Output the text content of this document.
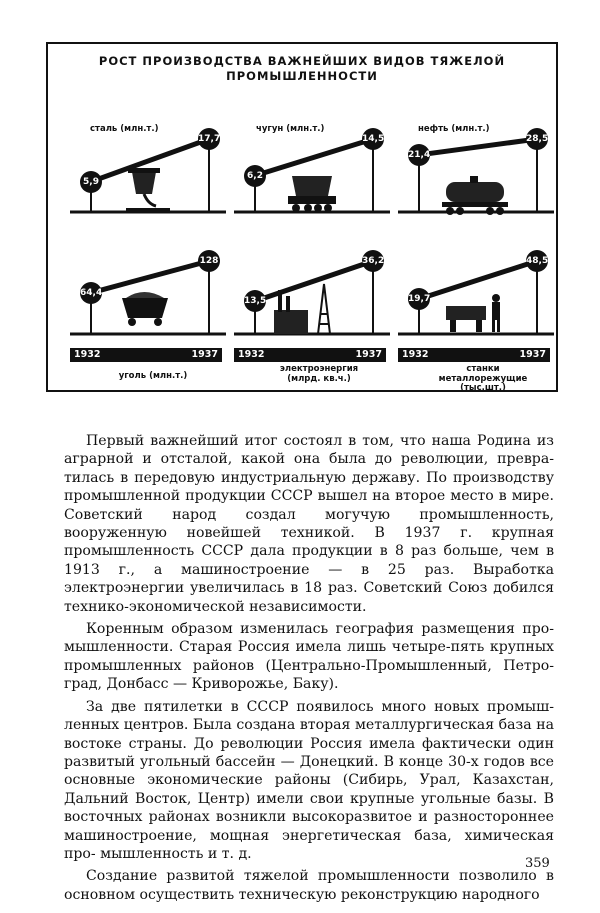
РОСТ ПРОИЗВОДСТВА ВАЖНЕЙШИХ ВИДОВ ТЯЖЕЛОЙ ПРОМЫШЛЕННОСТИ
5,9
17,7
сталь (млн.т.)
6,2
14,5
чугун (млн.т.)
21,4
28,5
нефть (млн.т.)
64,4
128
1932	1937
уголь (млн.т.)
13,5
36,2
1932	1937
электроэнергия (млрд. кв.ч.)
19,7
48,5
1932	1937
станки металлорежущие (тыс.шт.)

Первый важнейший итог состоял в том, что наша Родина из аграрной и отсталой, какой она была до революции, превра- тилась в передовую индустриальную державу. По производству промышленной продукции СССР вышел на второе место в мире. Советский народ создал могучую промышленность, вооруженную новейшей техникой. В 1937 г. крупная промышленность СССР дала продукции в 8 раз больше, чем в 1913 г., а машиностроение — в 25 раз. Выработка электроэнергии увеличилась в 18 раз. Советский Союз добился технико-экономической независимости.

Коренным образом изменилась география размещения про- мышленности. Старая Россия имела лишь четыре-пять крупных промышленных районов (Центрально-Промышленный, Петро- град, Донбасс — Криворожье, Баку).

За две пятилетки в СССР появилось много новых промыш- ленных центров. Была создана вторая металлургическая база на востоке страны. До революции Россия имела фактически один развитый угольный бассейн — Донецкий. В конце 30-х годов все основные экономические районы (Сибирь, Урал, Казахстан, Дальний Восток, Центр) имели свои крупные угольные базы. В восточных районах возникли высокоразвитое и разностороннее машиностроение, мощная энергетическая база, химическая про- мышленность и т. д.

Создание развитой тяжелой промышленности позволило в основном осуществить техническую реконструкцию народного

359
